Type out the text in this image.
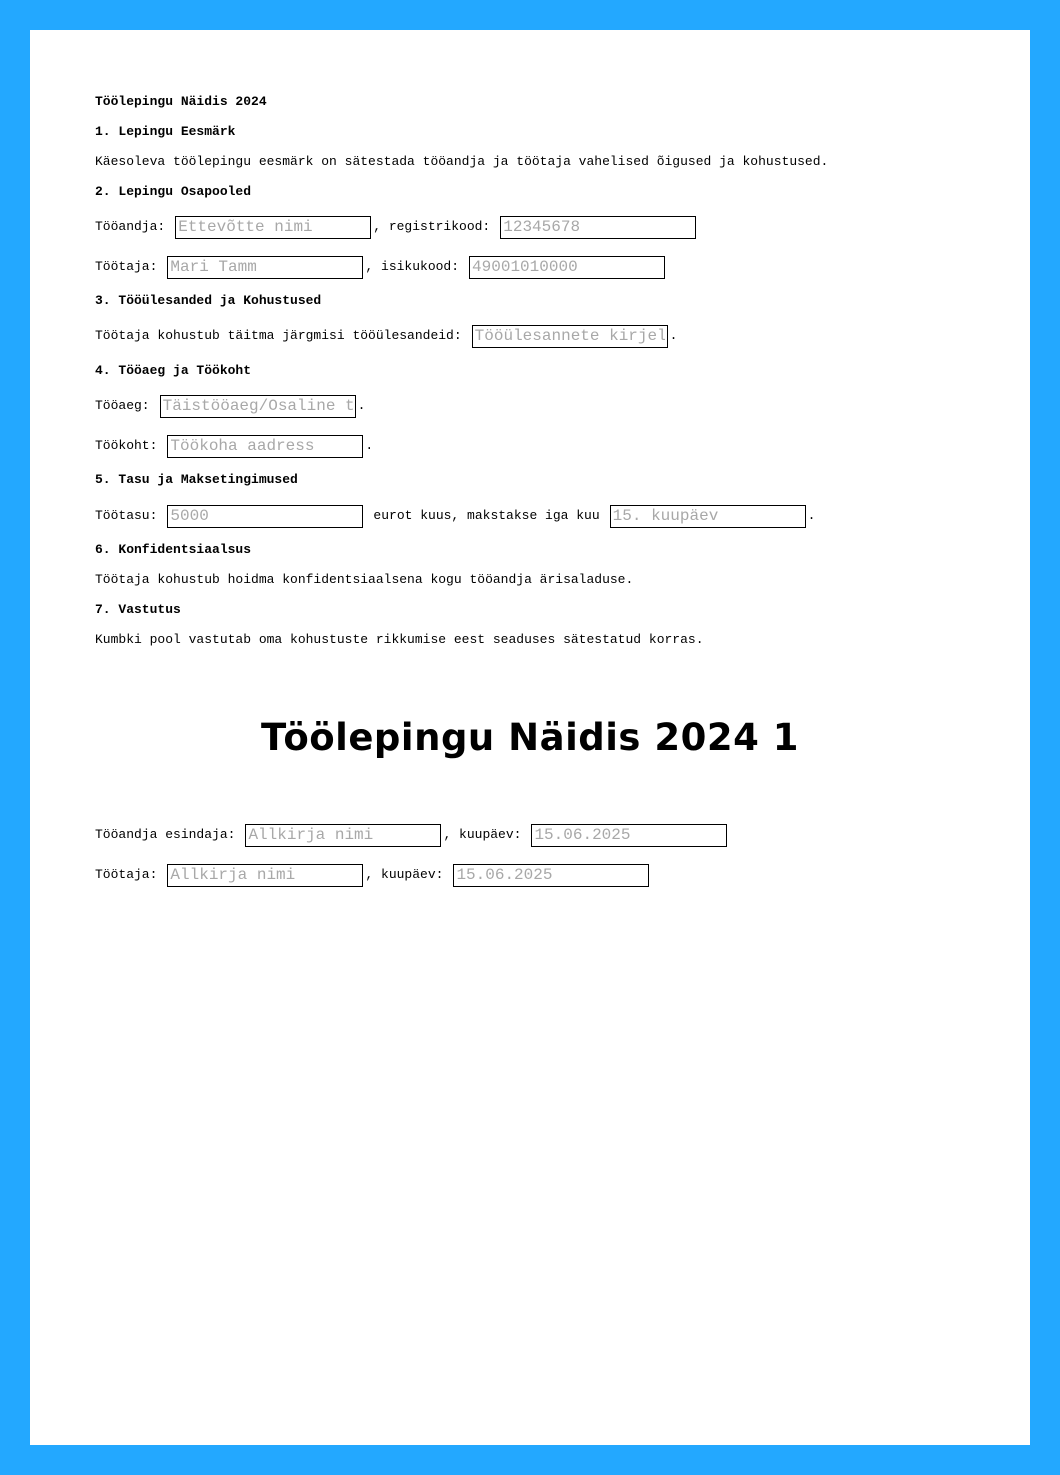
Töölepingu Näidis 2024
1. Lepingu Eesmärk
Käesoleva töölepingu eesmärk on sätestada tööandja ja töötaja vahelised õigused ja kohustused.
2. Lepingu Osapooled
Tööandja:
Ettevõtte nimi	, registrikood:
12345678
Töötaja:
Mari Tamm	, isikukood:
49001010000
3. Tööülesanded ja Kohustused
Töötaja kohustub täitma järgmisi tööülesandeid:
Tööülesannete kirjeldus	.
4. Tööaeg ja Töökoht
Tööaeg:
Täistööaeg/Osaline tööaeg	.
Töökoht:
Töökoha aadress	.
5. Tasu ja Maksetingimused
Töötasu:
5000	eurot kuus, makstakse iga kuu
15. kuupäev	.
6. Konfidentsiaalsus
Töötaja kohustub hoidma konfidentsiaalsena kogu tööandja ärisaladuse.
7. Vastutus
Kumbki pool vastutab oma kohustuste rikkumise eest seaduses sätestatud korras.
Tööandja esindaja:
Allkirja nimi	, kuupäev:
15.06.2025
Töötaja:
Allkirja nimi	, kuupäev:
15.06.2025
Töölepingu Näidis 2024 1
